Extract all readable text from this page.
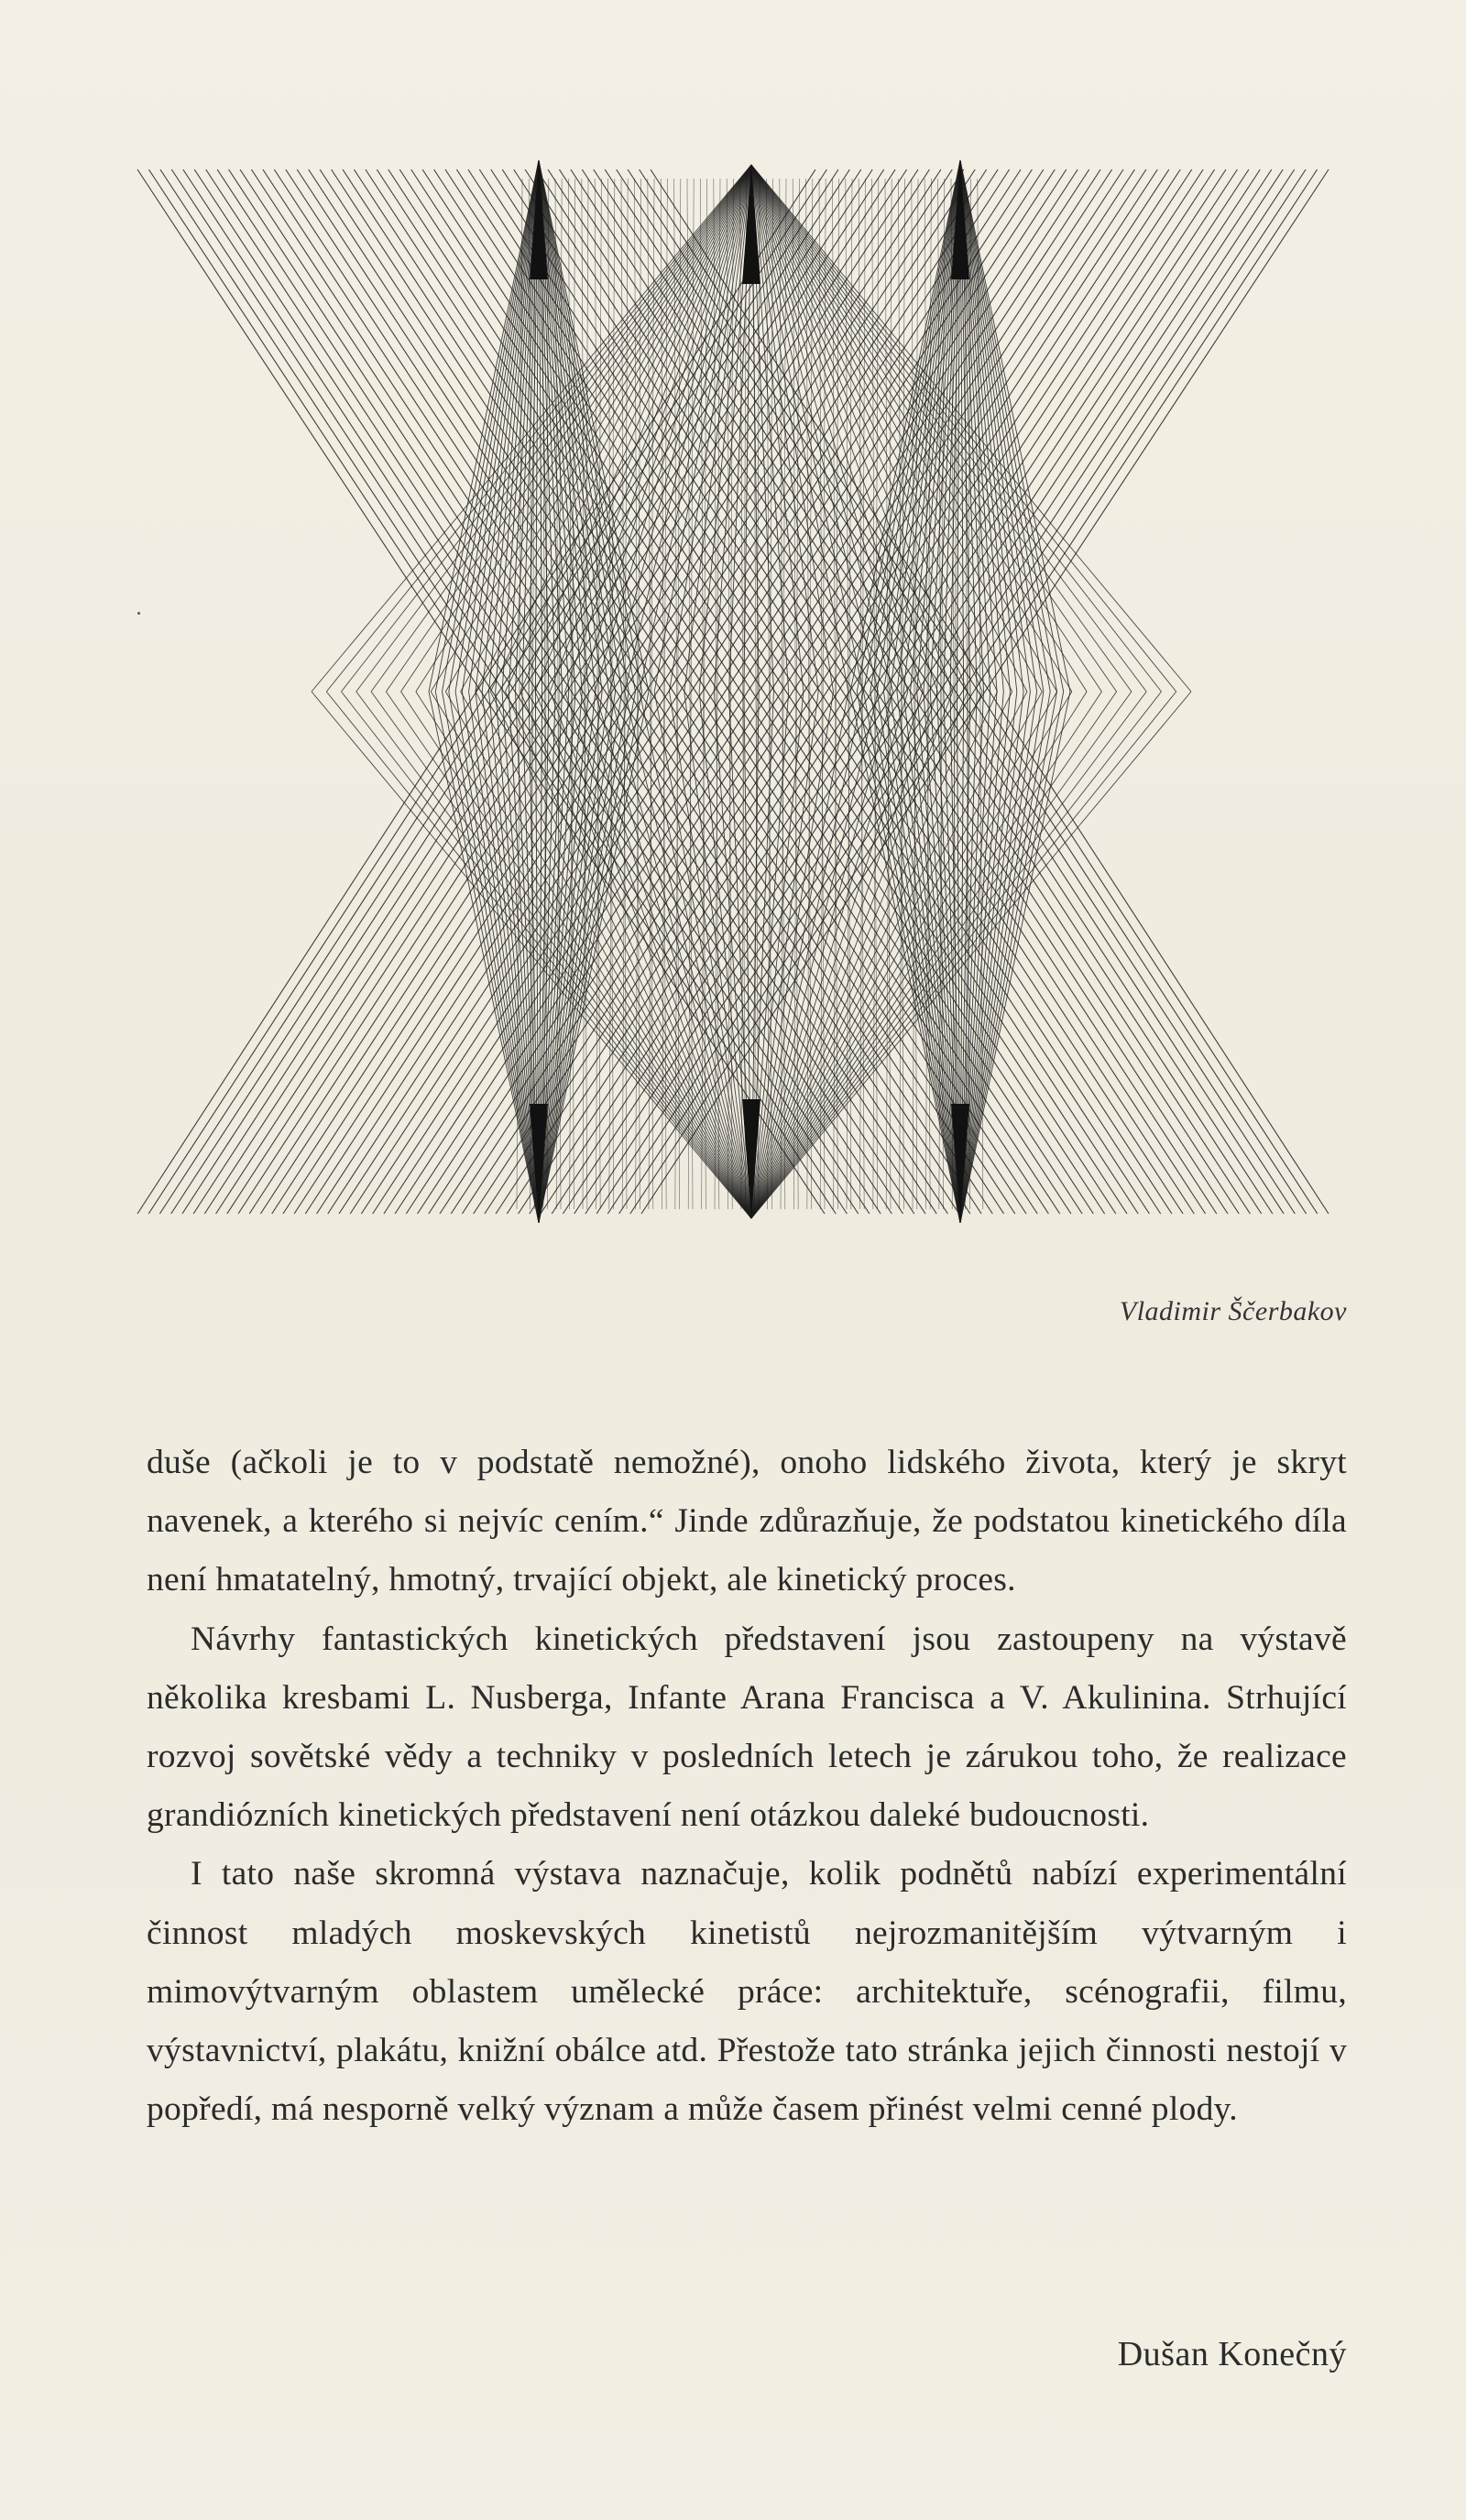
Vladimir Ščerbakov

duše (ačkoli je to v podstatě nemožné), onoho lidského života, který je skryt navenek, a kterého si nejvíc cením.“ Jinde zdůrazňuje, že podstatou kinetického díla není hmatatelný, hmotný, trvající objekt, ale kinetický proces.

Návrhy fantastických kinetických představení jsou zastoupeny na výstavě několika kresbami L. Nusberga, Infante Arana Francisca a V. Akulinina. Strhující rozvoj sovětské vědy a techniky v posledních letech je zárukou toho, že realizace grandiózních kinetických představení není otázkou daleké budoucnosti.

I tato naše skromná výstava naznačuje, kolik podnětů nabízí experimentální činnost mladých moskevských kinetistů nejrozmanitějším výtvarným i mimovýtvarným oblastem umělecké práce: architektuře, scénografii, filmu, výstavnictví, plakátu, knižní obálce atd. Přestože tato stránka jejich činnosti nestojí v popředí, má nesporně velký význam a může časem přinést velmi cenné plody.

Dušan Konečný
